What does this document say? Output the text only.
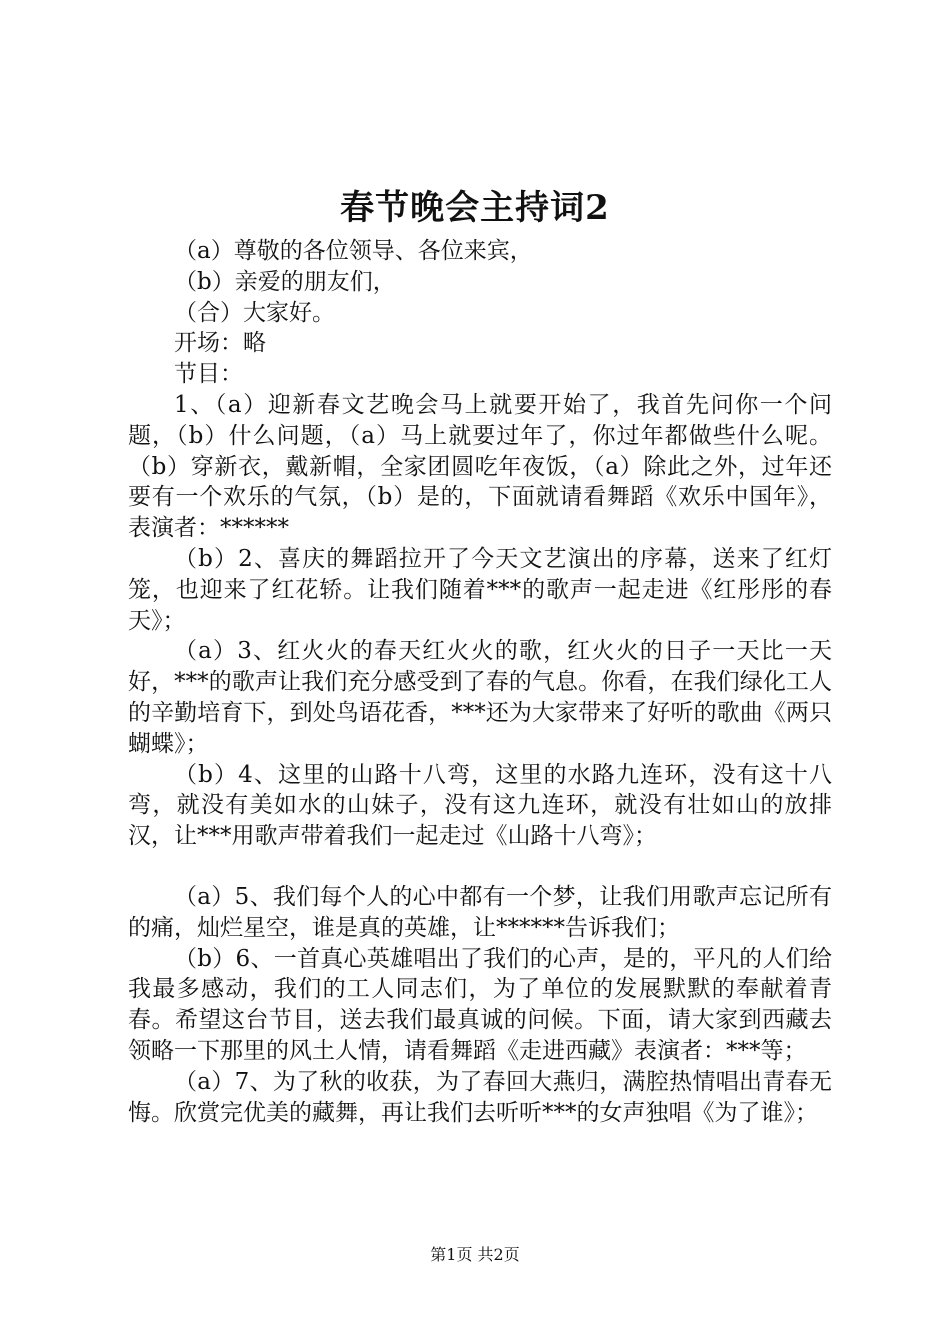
春节晚会主持词2

（a）尊敬的各位领导、各位来宾，

（b）亲爱的朋友们，

（合）大家好。

开场：略

节目：

1、（a）迎新春文艺晚会马上就要开始了，我首先问你一个问题，（b）什么问题，（a）马上就要过年了，你过年都做些什么呢。（b）穿新衣，戴新帽，全家团圆吃年夜饭，（a）除此之外，过年还要有一个欢乐的气氛，（b）是的，下面就请看舞蹈《欢乐中国年》，表演者：******

（b）2、喜庆的舞蹈拉开了今天文艺演出的序幕，送来了红灯笼，也迎来了红花轿。让我们随着***的歌声一起走进《红彤彤的春天》；

（a）3、红火火的春天红火火的歌，红火火的日子一天比一天好，***的歌声让我们充分感受到了春的气息。你看，在我们绿化工人的辛勤培育下，到处鸟语花香，***还为大家带来了好听的歌曲《两只蝴蝶》；

（b）4、这里的山路十八弯，这里的水路九连环，没有这十八弯，就没有美如水的山妹子，没有这九连环，就没有壮如山的放排汉，让***用歌声带着我们一起走过《山路十八弯》；

（a）5、我们每个人的心中都有一个梦，让我们用歌声忘记所有的痛，灿烂星空，谁是真的英雄，让******告诉我们；

（b）6、一首真心英雄唱出了我们的心声，是的，平凡的人们给我最多感动，我们的工人同志们，为了单位的发展默默的奉献着青春。希望这台节目，送去我们最真诚的问候。下面，请大家到西藏去领略一下那里的风土人情，请看舞蹈《走进西藏》表演者：***等；

（a）7、为了秋的收获，为了春回大燕归，满腔热情唱出青春无悔。欣赏完优美的藏舞，再让我们去听听***的女声独唱《为了谁》；

第1页 共2页
